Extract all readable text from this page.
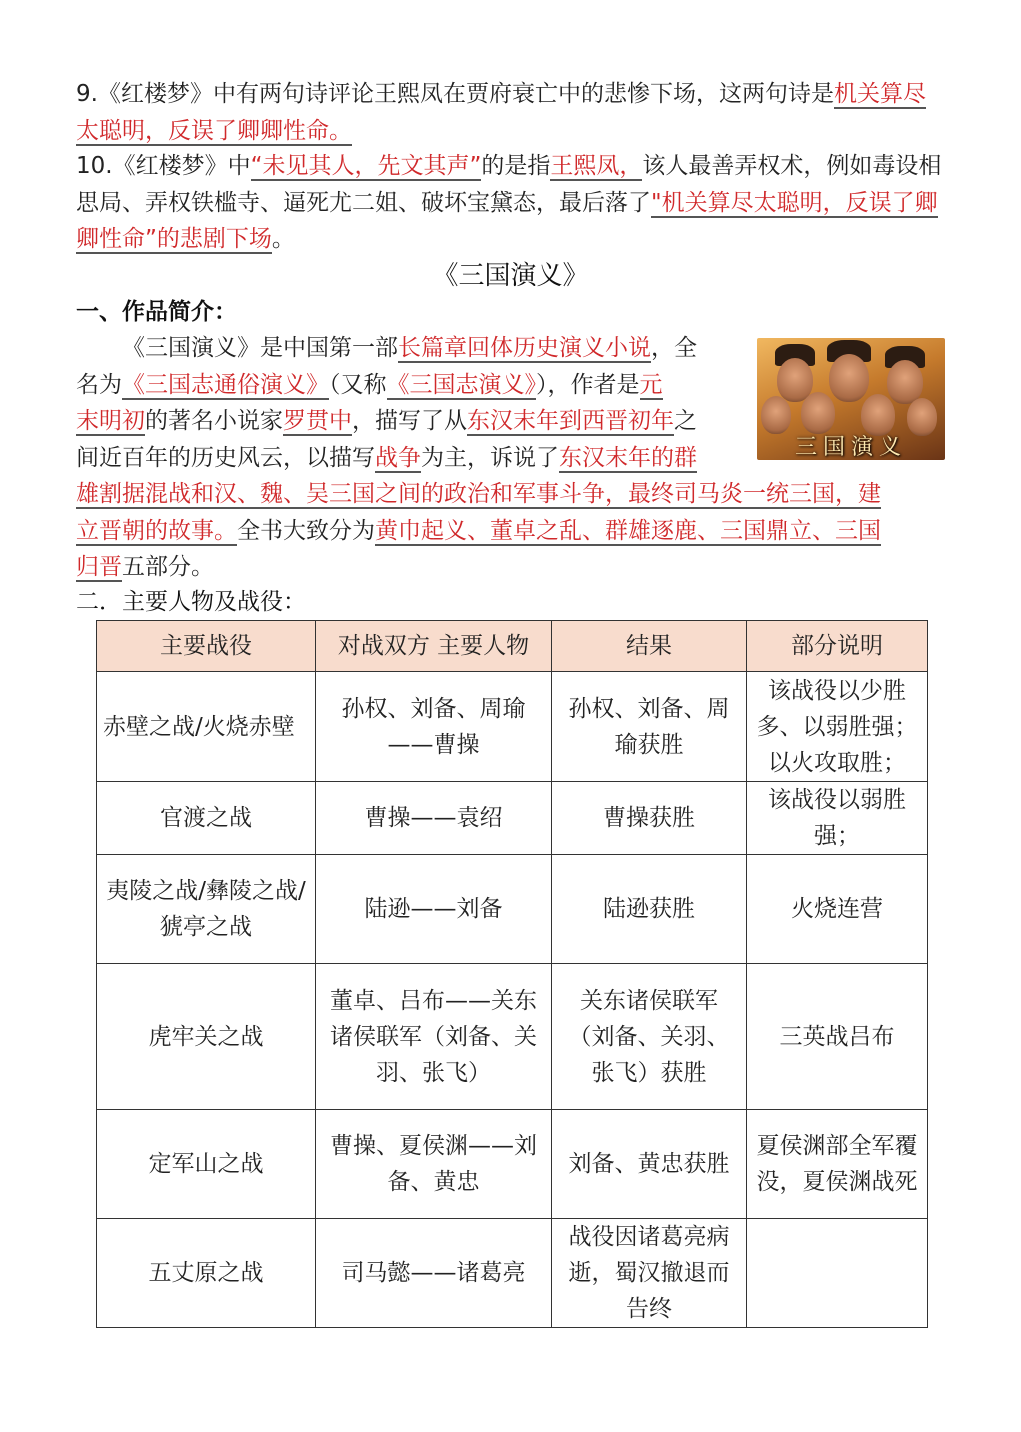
9.《红楼梦》中有两句诗评论王熙凤在贾府衰亡中的悲惨下场，这两句诗是机关算尽太聪明，反误了卿卿性命。
10.《红楼梦》中“未见其人，先文其声”的是指王熙凤，该人最善弄权术，例如毒设相思局、弄权铁槛寺、逼死尤二姐、破坏宝黛态，最后落了"机关算尽太聪明，反误了卿卿性命”的悲剧下场。
《三国演义》
一、作品简介：
《三国演义》是中国第一部长篇章回体历史演义小说，全
名为《三国志通俗演义》（又称《三国志演义》），作者是元
末明初的著名小说家罗贯中，描写了从东汉末年到西晋初年之
间近百年的历史风云，以描写战争为主，诉说了东汉末年的群
雄割据混战和汉、魏、吴三国之间的政治和军事斗争，最终司马炎一统三国，建
立晋朝的故事。全书大致分为黄巾起义、董卓之乱、群雄逐鹿、三国鼎立、三国
归晋五部分。
三国演义
二．主要人物及战役：
主要战役	对战双方 主要人物	结果	部分说明
赤壁之战/火烧赤壁	孙权、刘备、周瑜——曹操	孙权、刘备、周瑜获胜	该战役以少胜多、以弱胜强；以火攻取胜；
官渡之战	曹操——袁绍	曹操获胜	该战役以弱胜强；
夷陵之战/彝陵之战/猇亭之战	陆逊——刘备	陆逊获胜	火烧连营
虎牢关之战	董卓、吕布——关东诸侯联军（刘备、关羽、张飞）	关东诸侯联军（刘备、关羽、张飞）获胜	三英战吕布
定军山之战	曹操、夏侯渊——刘备、黄忠	刘备、黄忠获胜	夏侯渊部全军覆没，夏侯渊战死
五丈原之战	司马懿——诸葛亮	战役因诸葛亮病逝，蜀汉撤退而告终	
